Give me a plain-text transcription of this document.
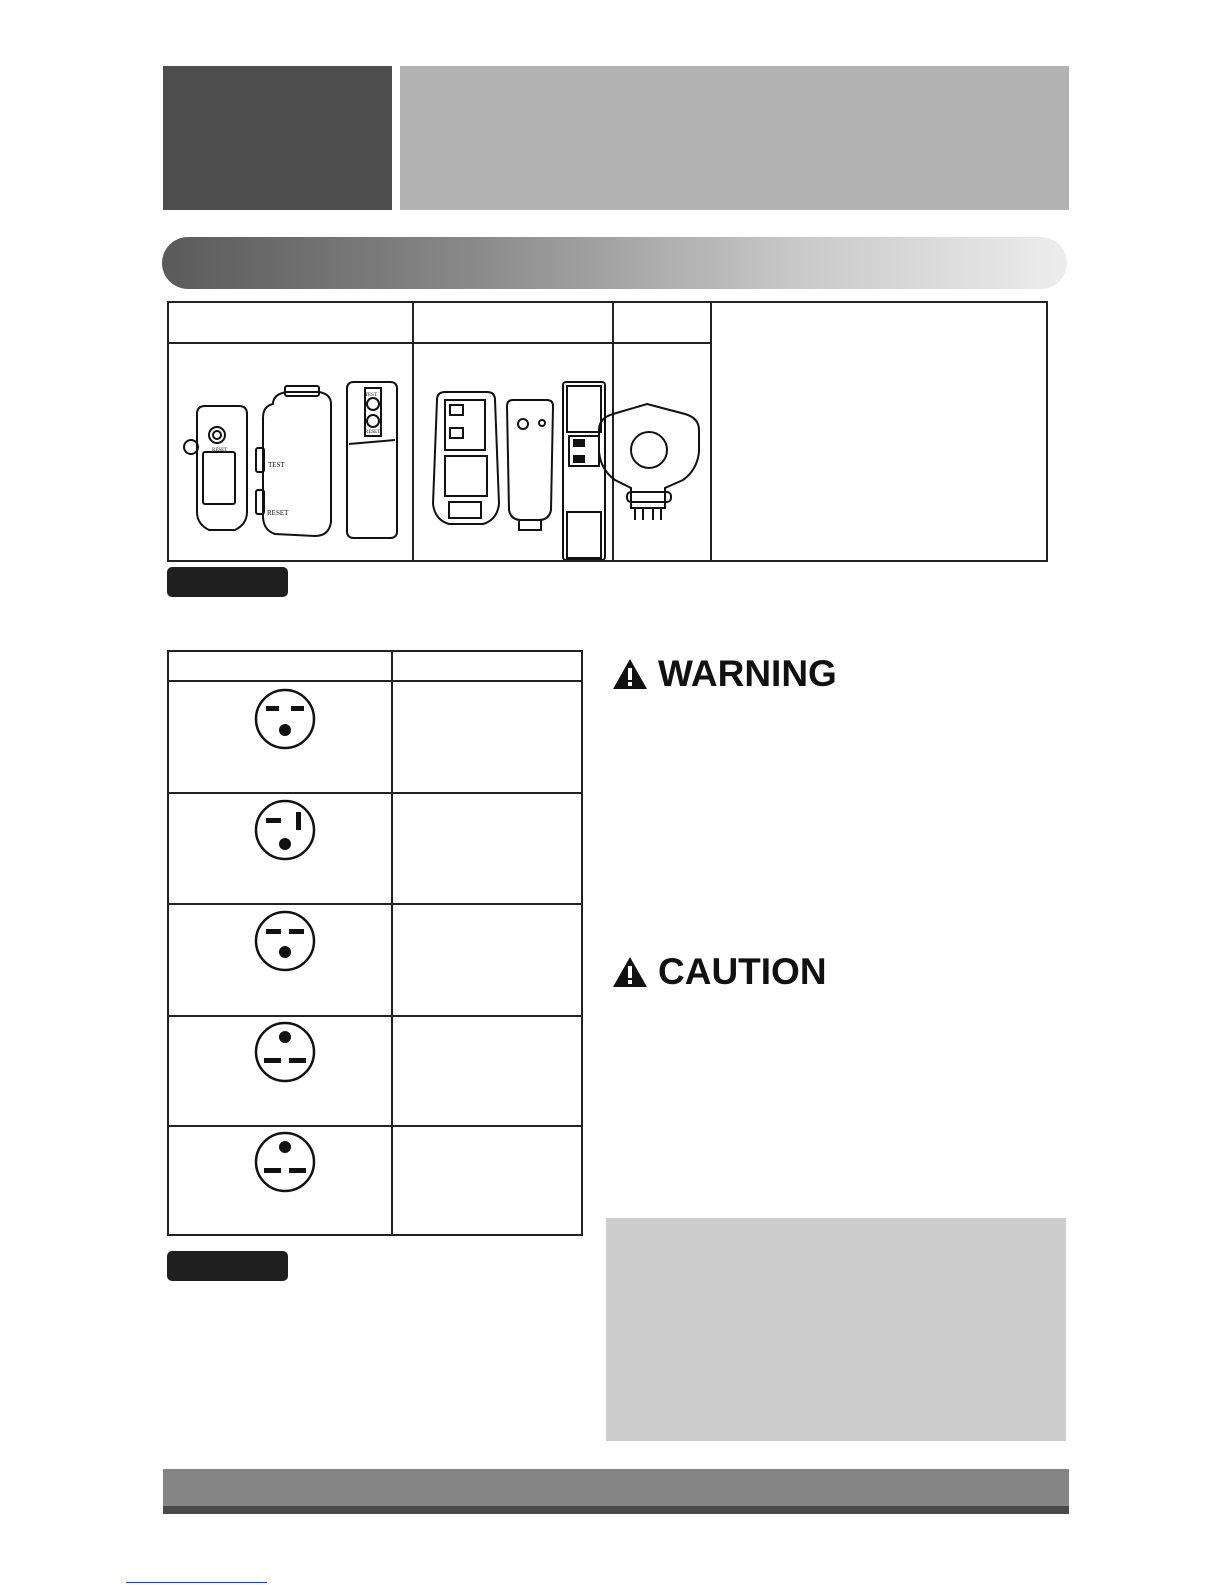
RESET
TEST
RESET
TEST
RESET
WARNING
CAUTION
